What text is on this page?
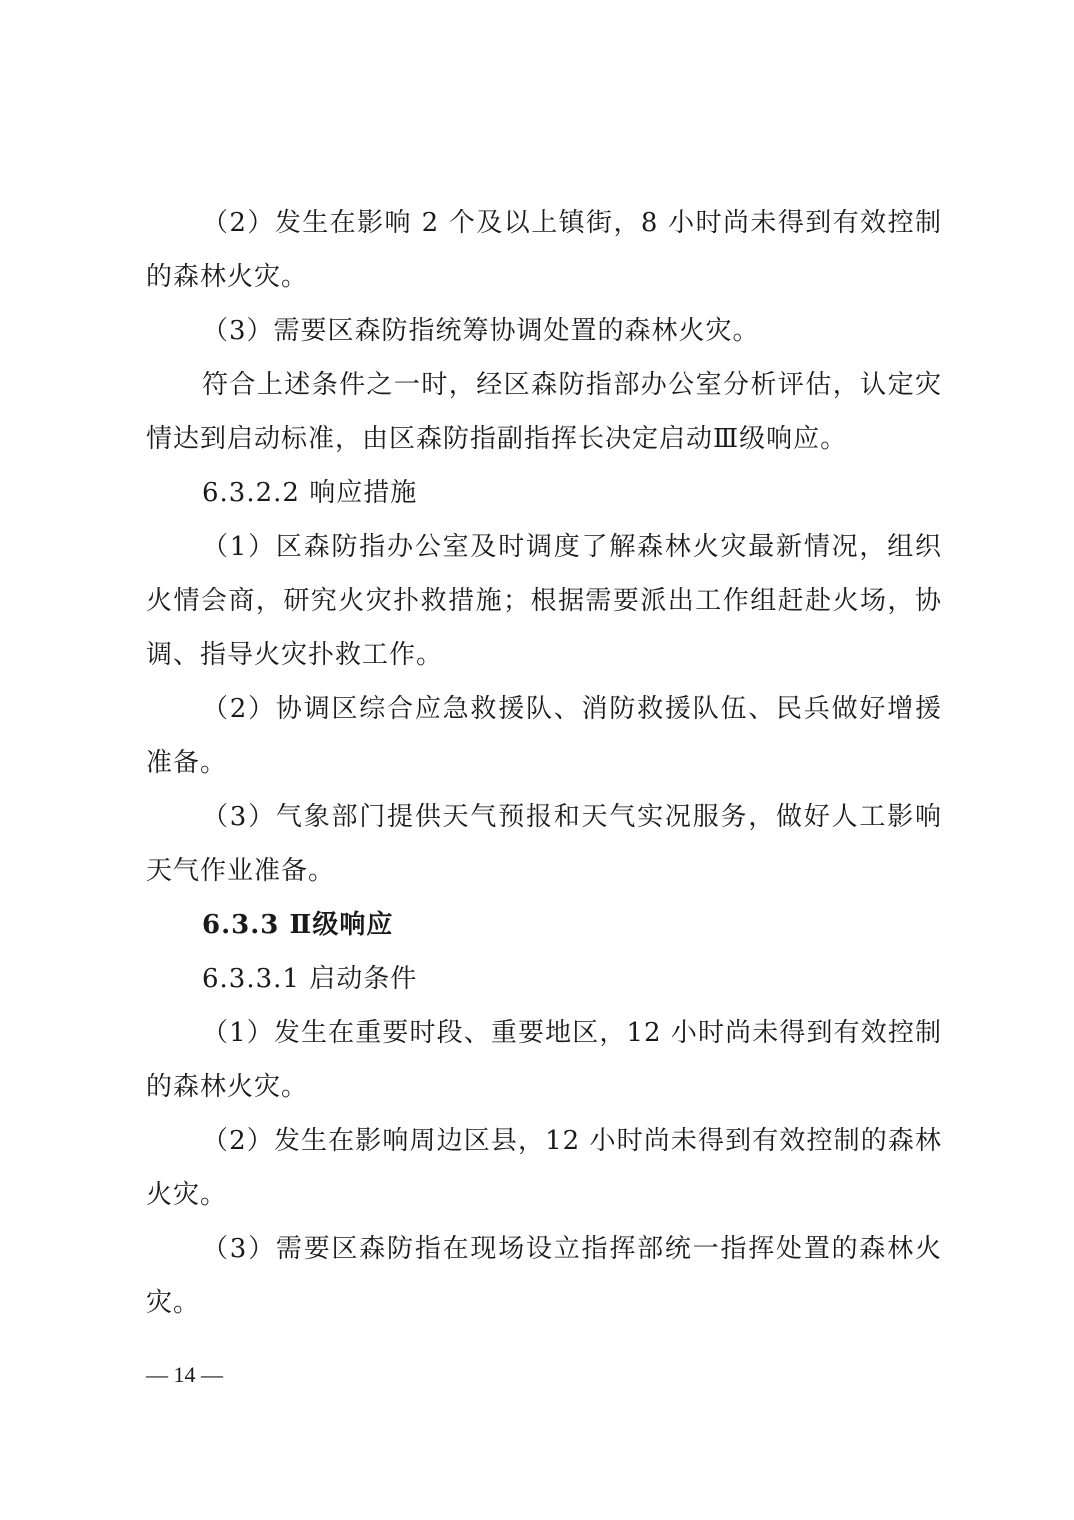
（2）发生在影响 2 个及以上镇街，8 小时尚未得到有效控制的森林火灾。

（3）需要区森防指统筹协调处置的森林火灾。

符合上述条件之一时，经区森防指部办公室分析评估，认定灾情达到启动标准，由区森防指副指挥长决定启动Ⅲ级响应。

6.3.2.2 响应措施

（1）区森防指办公室及时调度了解森林火灾最新情况，组织火情会商，研究火灾扑救措施；根据需要派出工作组赶赴火场，协调、指导火灾扑救工作。

（2）协调区综合应急救援队、消防救援队伍、民兵做好增援准备。

（3）气象部门提供天气预报和天气实况服务，做好人工影响天气作业准备。

6.3.3 Ⅱ级响应

6.3.3.1 启动条件

（1）发生在重要时段、重要地区，12 小时尚未得到有效控制的森林火灾。

（2）发生在影响周边区县，12 小时尚未得到有效控制的森林火灾。

（3）需要区森防指在现场设立指挥部统一指挥处置的森林火灾。

— 14 —
